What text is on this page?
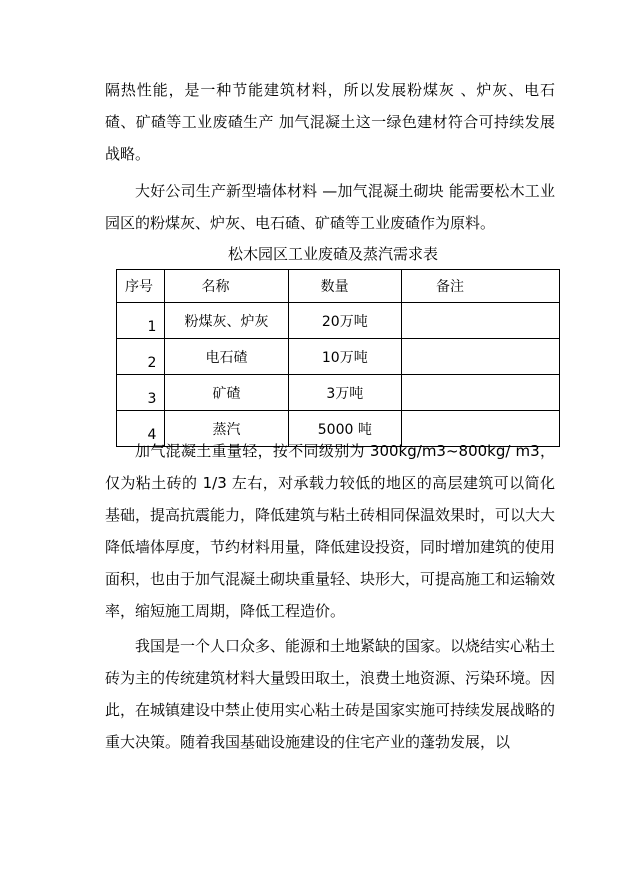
隔热性能，是一种节能建筑材料，所以发展粉煤灰 、炉灰、电石碴、矿碴等工业废碴生产 加气混凝土这一绿色建材符合可持续发展战略。

大好公司生产新型墙体材料 —加气混凝土砌块 能需要松木工业园区的粉煤灰、炉灰、电石碴、矿碴等工业废碴作为原料。

松木园区工业废碴及蒸汽需求表
序号	名称	数量	备注
1	粉煤灰、炉灰	20万吨	
2	电石碴	10万吨	
3	矿碴	3万吨	
4	蒸汽	5000 吨	

加气混凝土重量轻，按不同级别为 300kg/m3~800kg/ m3，仅为粘土砖的 1/3 左右，对承载力较低的地区的高层建筑可以简化基础，提高抗震能力，降低建筑与粘土砖相同保温效果时，可以大大降低墙体厚度，节约材料用量，降低建设投资，同时增加建筑的使用面积，也由于加气混凝土砌块重量轻、块形大，可提高施工和运输效率，缩短施工周期，降低工程造价。

我国是一个人口众多、能源和土地紧缺的国家。以烧结实心粘土砖为主的传统建筑材料大量毁田取土，浪费土地资源、污染环境。因此，在城镇建设中禁止使用实心粘土砖是国家实施可持续发展战略的重大决策。随着我国基础设施建设的住宅产业的蓬勃发展，以
